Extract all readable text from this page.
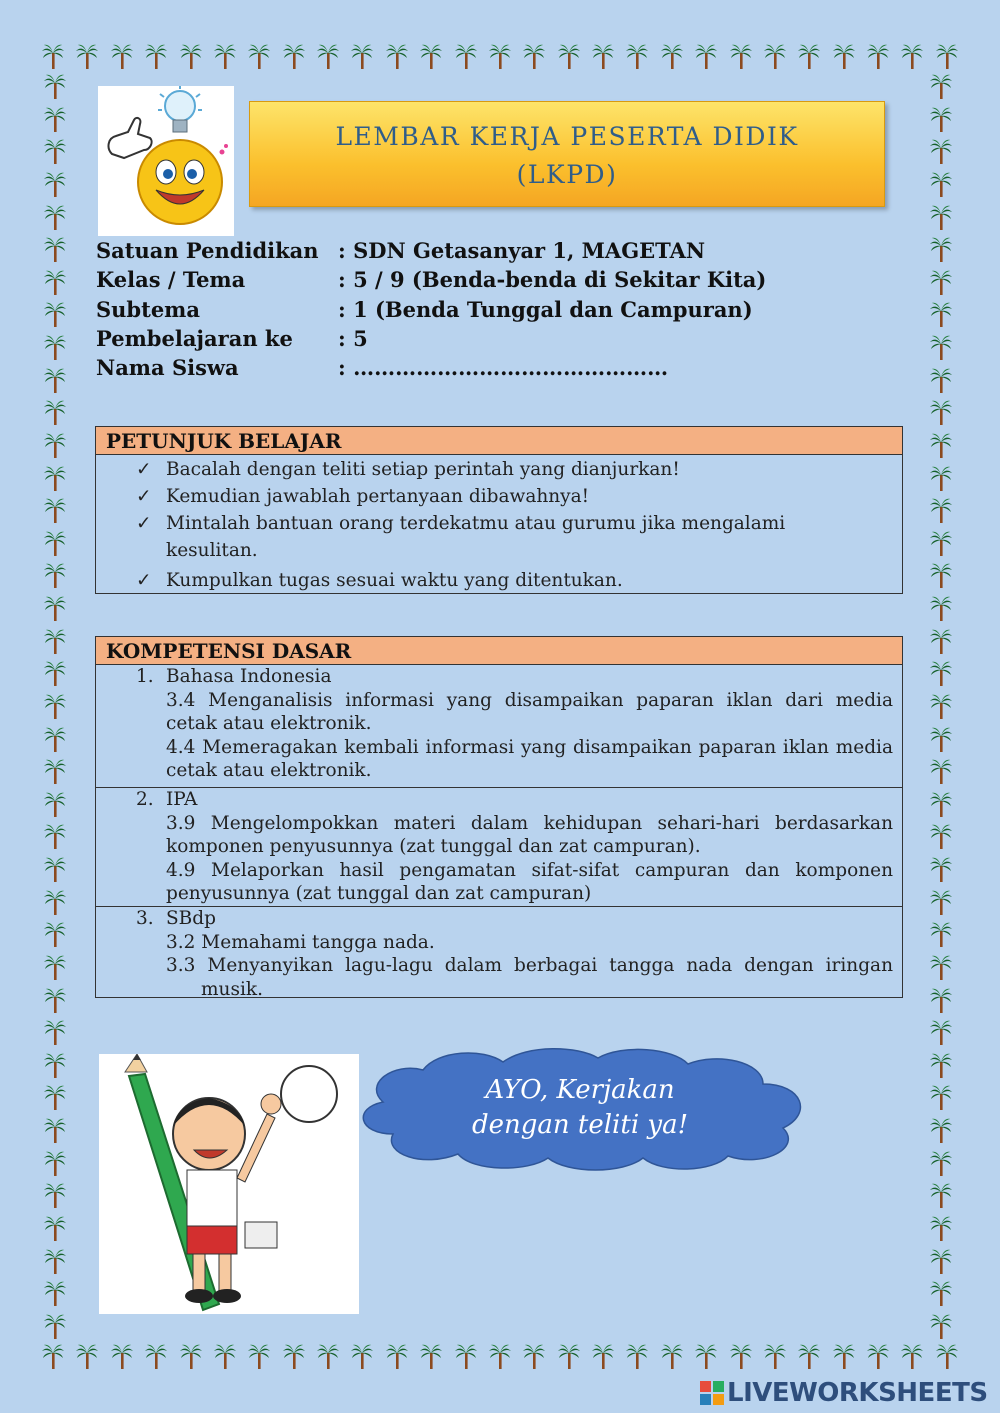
LEMBAR KERJA PESERTA DIDIK
(LKPD)
Satuan Pendidikan : SDN Getasanyar 1, MAGETAN
Kelas / Tema	: 5 / 9 (Benda-benda di Sekitar Kita)
Subtema	: 1 (Benda Tunggal dan Campuran)
Pembelajaran ke	: 5
Nama Siswa	: ………………………………………
PETUNJUK BELAJAR
✓ Bacalah dengan teliti setiap perintah yang dianjurkan!
✓ Kemudian jawablah pertanyaan dibawahnya!
✓ Mintalah bantuan orang terdekatmu atau gurumu jika mengalami kesulitan.
✓ Kumpulkan tugas sesuai waktu yang ditentukan.
KOMPETENSI DASAR
1. Bahasa Indonesia
3.4 Menganalisis informasi yang disampaikan paparan iklan dari media cetak atau elektronik.
4.4 Memeragakan kembali informasi yang disampaikan paparan iklan media cetak atau elektronik.
2. IPA
3.9 Mengelompokkan materi dalam kehidupan sehari-hari berdasarkan komponen penyusunnya (zat tunggal dan zat campuran).
4.9 Melaporkan hasil pengamatan sifat-sifat campuran dan komponen penyusunnya (zat tunggal dan zat campuran)
3. SBdp
3.2 Memahami tangga nada.
3.3 Menyanyikan lagu-lagu dalam berbagai tangga nada dengan iringan musik.
AYO, Kerjakan
dengan teliti ya!
LIVEWORKSHEETS
